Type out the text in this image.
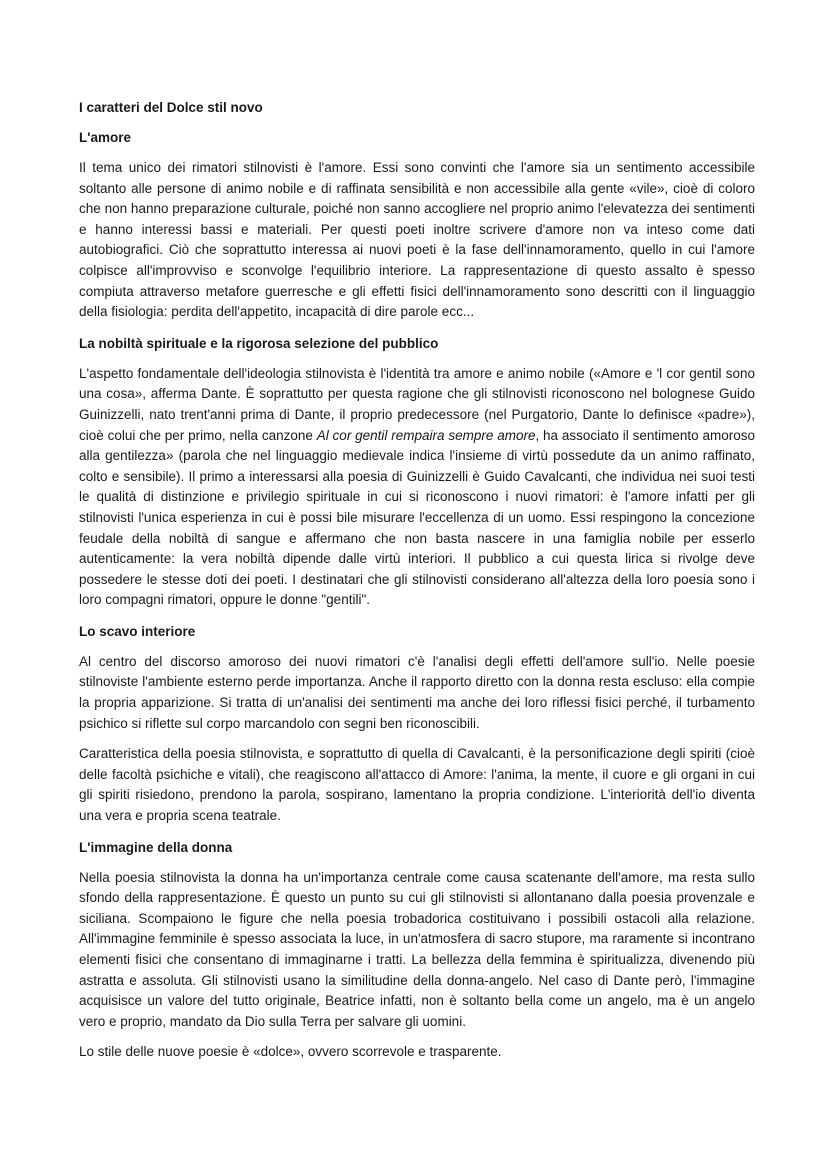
I caratteri del Dolce stil novo
L'amore

Il tema unico dei rimatori stilnovisti è l'amore. Essi sono convinti che l'amore sia un sentimento accessibile soltanto alle persone di animo nobile e di raffinata sensibilità e non accessibile alla gente «vile», cioè di coloro che non hanno preparazione culturale, poiché non sanno accogliere nel proprio animo l'elevatezza dei sentimenti e hanno interessi bassi e materiali. Per questi poeti inoltre scrivere d'amore non va inteso come dati autobiografici. Ciò che soprattutto interessa ai nuovi poeti è la fase dell'innamoramento, quello in cui l'amore colpisce all'improvviso e sconvolge l'equilibrio interiore. La rappresentazione di questo assalto è spesso compiuta attraverso metafore guerresche e gli effetti fisici dell'innamoramento sono descritti con il linguaggio della fisiologia: perdita dell'appetito, incapacità di dire parole ecc...

La nobiltà spirituale e la rigorosa selezione del pubblico

L'aspetto fondamentale dell'ideologia stilnovista è l'identità tra amore e animo nobile («Amore e 'l cor gentil sono una cosa», afferma Dante. È soprattutto per questa ragione che gli stilnovisti riconoscono nel bolognese Guido Guinizzelli, nato trent'anni prima di Dante, il proprio predecessore (nel Purgatorio, Dante lo definisce «padre»), cioè colui che per primo, nella canzone Al cor gentil rempaira sempre amore, ha associato il sentimento amoroso alla gentilezza» (parola che nel linguaggio medievale indica l'insieme di virtù possedute da un animo raffinato, colto e sensibile). Il primo a interessarsi alla poesia di Guinizzelli è Guido Cavalcanti, che individua nei suoi testi le qualità di distinzione e privilegio spirituale in cui si riconoscono i nuovi rimatori: è l'amore infatti per gli stilnovisti l'unica esperienza in cui è possi bile misurare l'eccellenza di un uomo. Essi respingono la concezione feudale della nobiltà di sangue e affermano che non basta nascere in una famiglia nobile per esserlo autenticamente: la vera nobiltà dipende dalle virtù interiori. Il pubblico a cui questa lirica si rivolge deve possedere le stesse doti dei poeti. I destinatari che gli stilnovisti considerano all'altezza della loro poesia sono i loro compagni rimatori, oppure le donne "gentili".

Lo scavo interiore

Al centro del discorso amoroso dei nuovi rimatori c'è l'analisi degli effetti dell'amore sull'io. Nelle poesie stilnoviste l'ambiente esterno perde importanza. Anche il rapporto diretto con la donna resta escluso: ella compie la propria apparizione. Si tratta di un'analisi dei sentimenti ma anche dei loro riflessi fisici perché, il turbamento psichico si riflette sul corpo marcandolo con segni ben riconoscibili.

Caratteristica della poesia stilnovista, e soprattutto di quella di Cavalcanti, è la personificazione degli spiriti (cioè delle facoltà psichiche e vitali), che reagiscono all'attacco di Amore: l'anima, la mente, il cuore e gli organi in cui gli spiriti risiedono, prendono la parola, sospirano, lamentano la propria condizione. L'interiorità dell'io diventa una vera e propria scena teatrale.

L'immagine della donna

Nella poesia stilnovista la donna ha un'importanza centrale come causa scatenante dell'amore, ma resta sullo sfondo della rappresentazione. È questo un punto su cui gli stilnovisti si allontanano dalla poesia provenzale e siciliana. Scompaiono le figure che nella poesia trobadorica costituivano i possibili ostacoli alla relazione. All'immagine femminile è spesso associata la luce, in un'atmosfera di sacro stupore, ma raramente si incontrano elementi fisici che consentano di immaginarne i tratti. La bellezza della femmina è spiritualizza, divenendo più astratta e assoluta. Gli stilnovisti usano la similitudine della donna-angelo. Nel caso di Dante però, l'immagine acquisisce un valore del tutto originale, Beatrice infatti, non è soltanto bella come un angelo, ma è un angelo vero e proprio, mandato da Dio sulla Terra per salvare gli uomini.

Lo stile delle nuove poesie è «dolce», ovvero scorrevole e trasparente.
